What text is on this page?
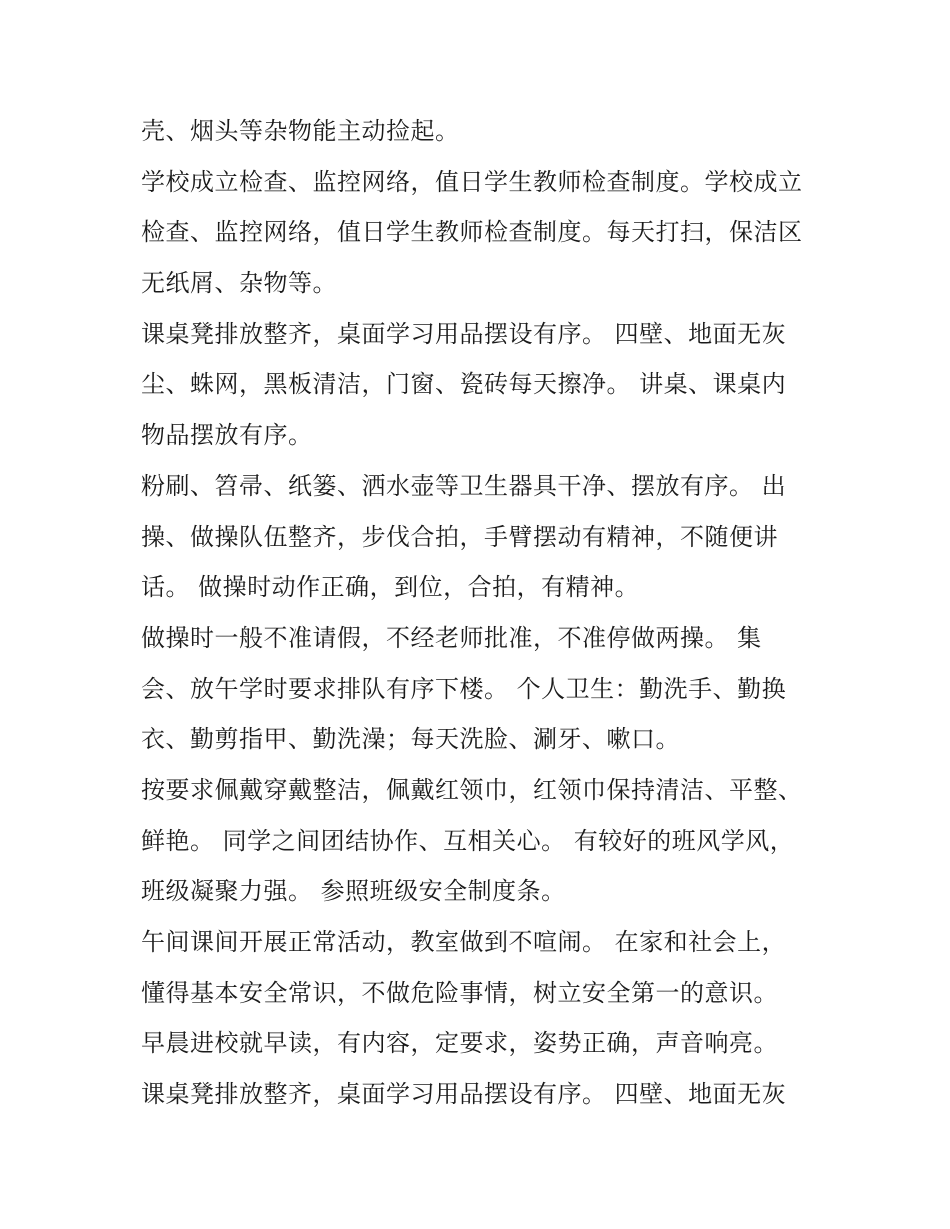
壳、烟头等杂物能主动捡起。
学校成立检查、监控网络，值日学生教师检查制度。学校成立
检查、监控网络，值日学生教师检查制度。每天打扫，保洁区
无纸屑、杂物等。
课桌凳排放整齐，桌面学习用品摆设有序。 四壁、地面无灰
尘、蛛网，黑板清洁，门窗、瓷砖每天擦净。 讲桌、课桌内
物品摆放有序。
粉刷、笤帚、纸篓、洒水壶等卫生器具干净、摆放有序。 出
操、做操队伍整齐，步伐合拍，手臂摆动有精神，不随便讲
话。 做操时动作正确，到位，合拍，有精神。
做操时一般不准请假，不经老师批准，不准停做两操。 集
会、放午学时要求排队有序下楼。 个人卫生：勤洗手、勤换
衣、勤剪指甲、勤洗澡；每天洗脸、涮牙、嗽口。
按要求佩戴穿戴整洁，佩戴红领巾，红领巾保持清洁、平整、
鲜艳。 同学之间团结协作、互相关心。 有较好的班风学风，
班级凝聚力强。 参照班级安全制度条。
午间课间开展正常活动，教室做到不喧闹。 在家和社会上，
懂得基本安全常识，不做危险事情，树立安全第一的意识。
早晨进校就早读，有内容，定要求，姿势正确，声音响亮。
课桌凳排放整齐，桌面学习用品摆设有序。 四壁、地面无灰
